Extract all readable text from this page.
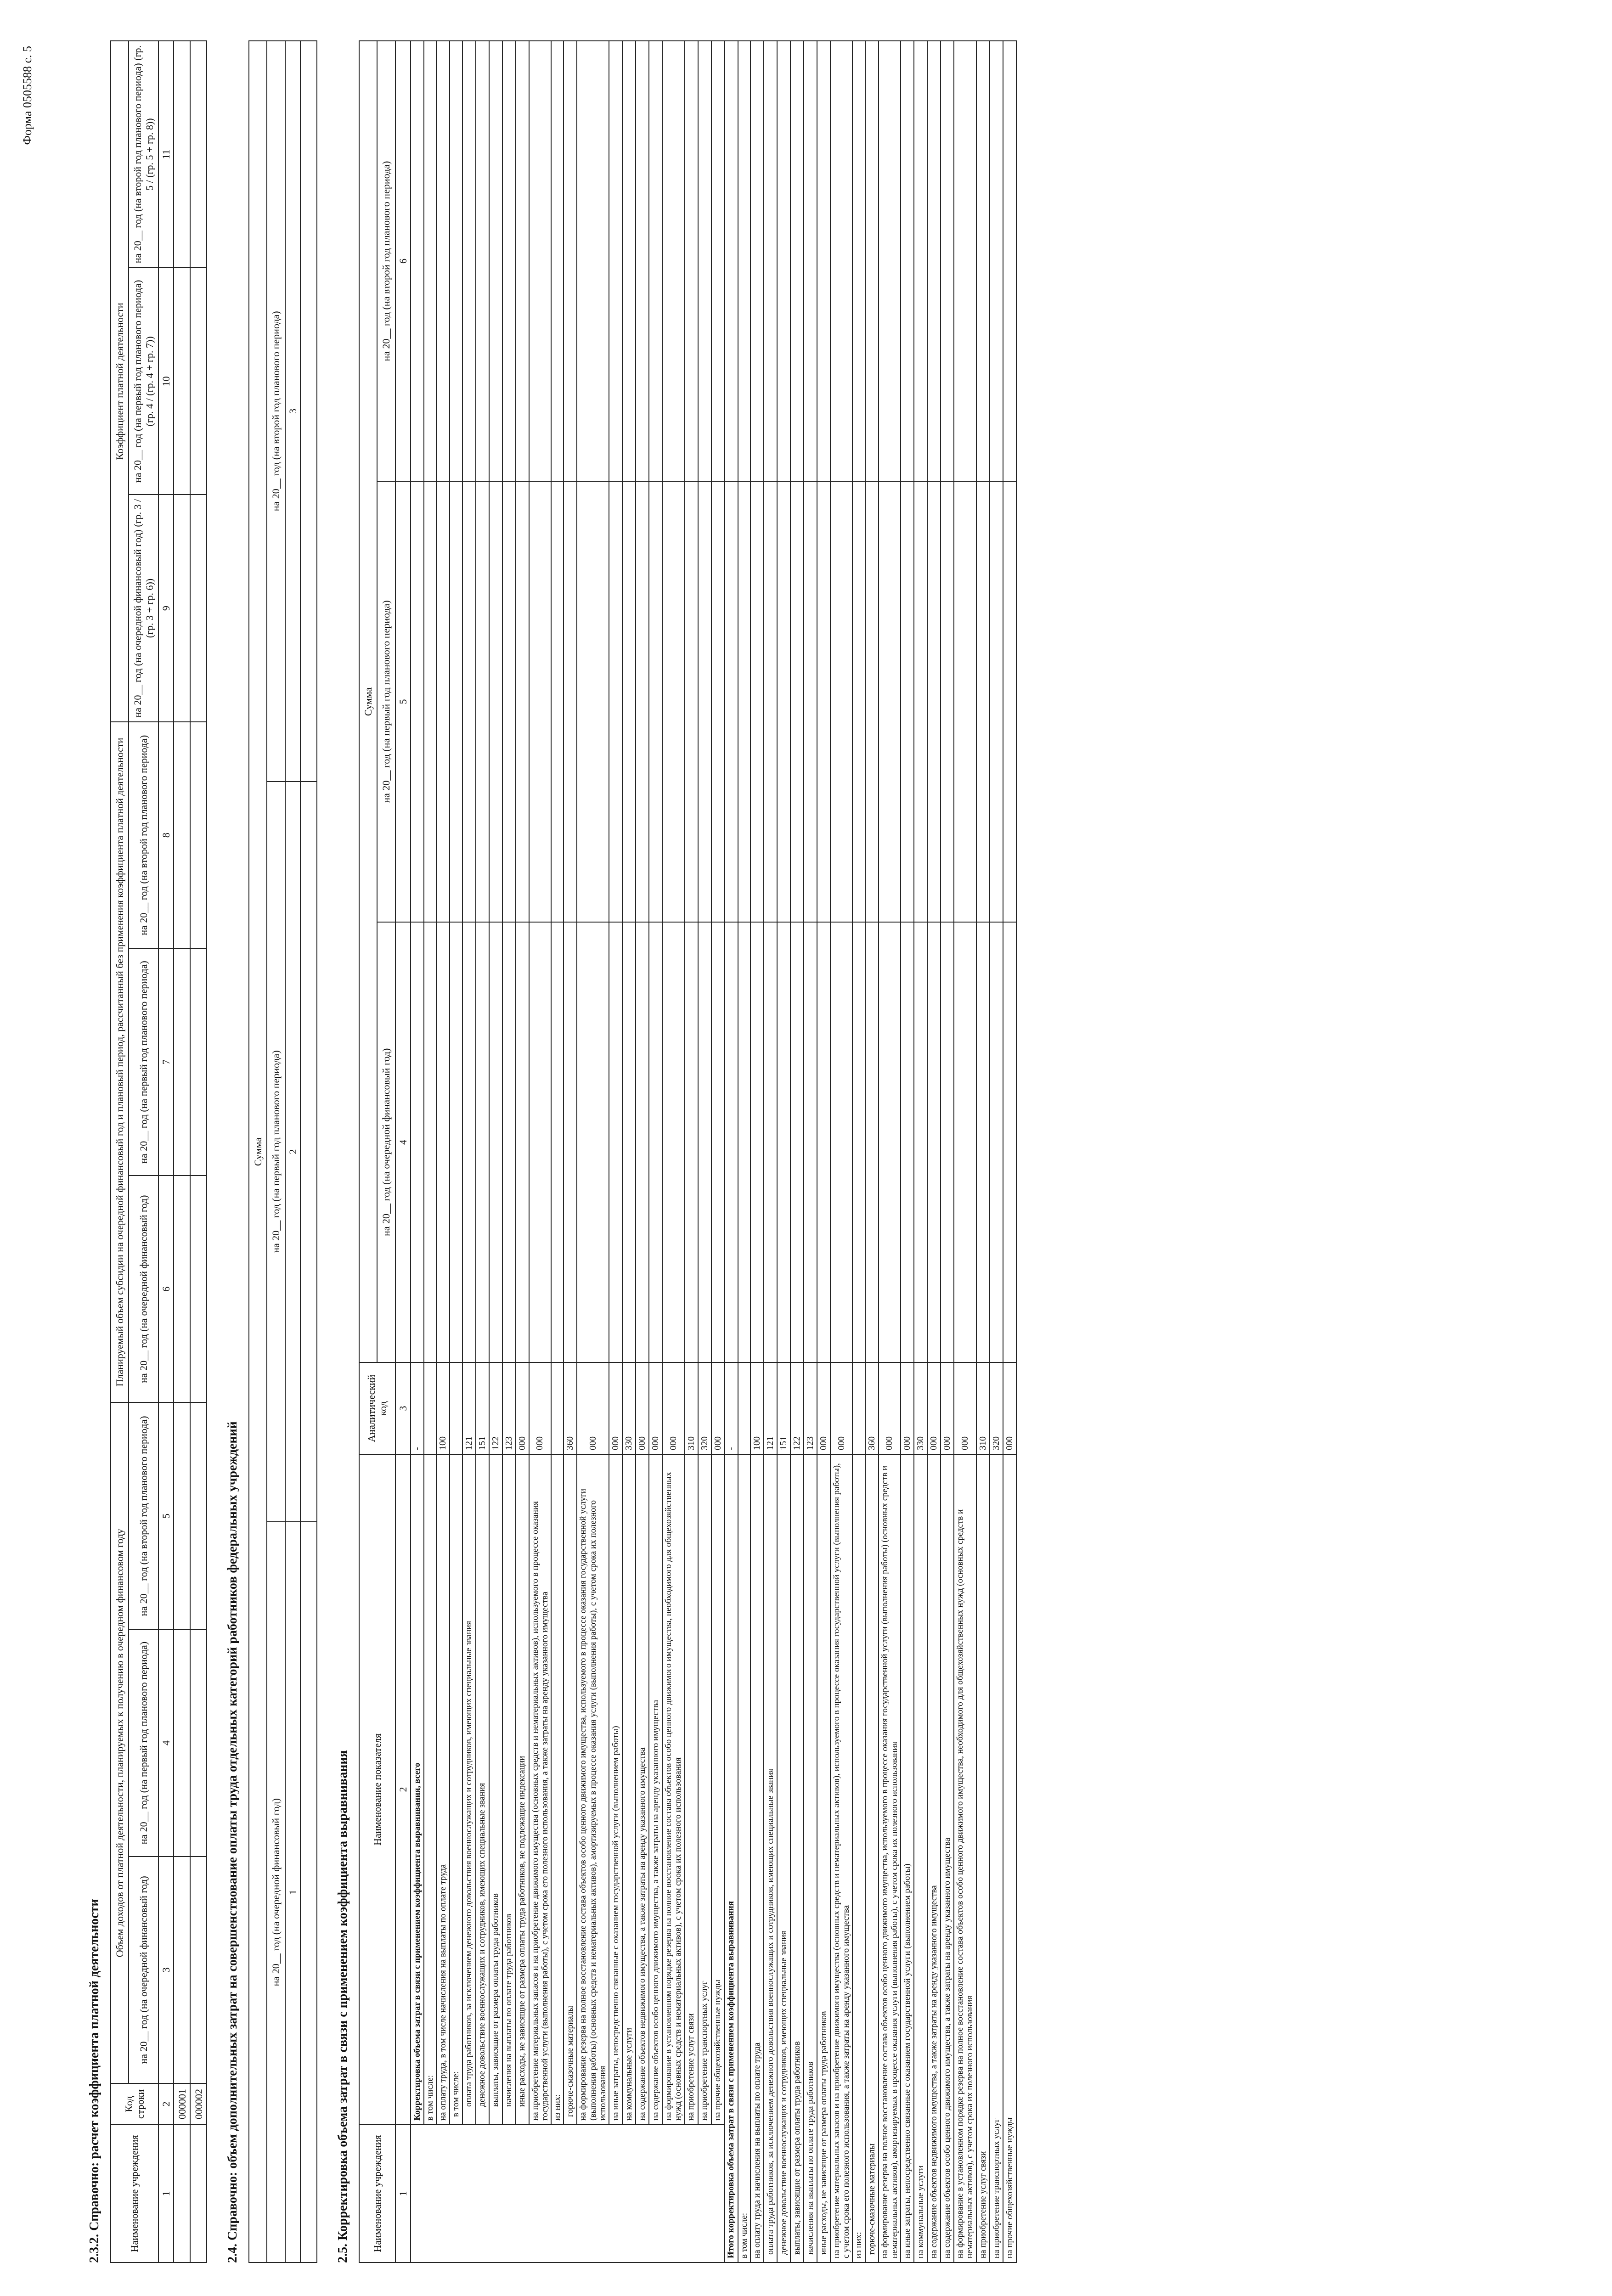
Форма 0505588 с. 5
2.3.2. Справочно: расчет коэффициента платной деятельности	Наименование учреждения	Код строки	Объем доходов от платной деятельности, планируемых к получению в очередном финансовом году			Планируемый объем субсидии на очередной финансовый год и плановый период, рассчитанный без применения коэффициента платной деятельности			Коэффициент платной деятельности		
		на 20__ год (на очередной финансовый год)	на 20__ год (на первый год планового периода)	на 20__ год (на второй год планового периода)	на 20__ год (на очередной финансовый год)	на 20__ год (на первый год планового периода)	на 20__ год (на второй год планового периода)	на 20__ год (на очередной финансовый год) (гр. 3 / (гр. 3 + гр. 6))	на 20__ год (на первый год планового периода) (гр. 4 / (гр. 4 + гр. 7))	на 20__ год (на второй год планового периода) (гр. 5 / (гр. 5 + гр. 8))
1	2	3	4	5	6	7	8	9	10	11
	000001									
	000002									2.4. Справочно: объем дополнительных затрат на совершенствование оплаты труда отдельных категорий работников федеральных учреждений
Сумма		
на 20__ год (на очередной финансовый год)	на 20__ год (на первый год планового периода)	на 20__ год (на второй год планового периода)
1	2	3

2.5. Корректировка объема затрат в связи с применением коэффициента выравнивания Наименование учреждения	Наименование показателя	Аналитический код	Сумма		
			на 20__ год (на очередной финансовый год)	на 20__ год (на первый год планового периода)	на 20__ год (на второй год планового периода)
1	2	3	4	5	6
	Корректировка объема затрат в связи с применением коэффициента выравнивания, всего	-			
	в том числе:				
	на оплату труда, в том числе начисления на выплаты по оплате труда	100			
	в том числе:				
	оплата труда работников, за исключением денежного довольствия военнослужащих и сотрудников, имеющих специальные звания	121			
	денежное довольствие военнослужащих и сотрудников, имеющих специальные звания	151			
	выплаты, зависящие от размера оплаты труда работников	122			
	начисления на выплаты по оплате труда работников	123			
	иные расходы, не зависящие от размера оплаты труда работников, не подлежащие индексации	000			
	на приобретение материальных запасов и на приобретение движимого имущества (основных средств и нематериальных активов), используемого в процессе оказания государственной услуги (выполнения работы), с учетом срока его полезного использования, а также затраты на аренду указанного имущества	000			
	из них:				
	горюче-смазочные материалы	360			
	на формирование резерва на полное восстановление состава объектов особо ценного движимого имущества, используемого в процессе оказания государственной услуги (выполнения работы) (основных средств и нематериальных активов), амортизируемых в процессе оказания услуги (выполнения работы), с учетом срока их полезного использования	000			
	на иные затраты, непосредственно связанные с оказанием государственной услуги (выполнением работы)	000			
	на коммунальные услуги	330			
	на содержание объектов недвижимого имущества, а также затраты на аренду указанного имущества	000			
	на содержание объектов особо ценного движимого имущества, а также затраты на аренду указанного имущества	000			
	на формирование в установленном порядке резерва на полное восстановление состава объектов особо ценного движимого имущества, необходимого для общехозяйственных нужд (основных средств и нематериальных активов), с учетом срока их полезного использования	000			
	на приобретение услуг связи	310			
	на приобретение транспортных услуг	320			
	на прочие общехозяйственные нужды	000			
Итого корректировка объема затрат в связи с применением коэффициента выравнивания		-			
в том числе:					
на оплату труда и начисления на выплаты по оплате труда		100			
оплата труда работников, за исключением денежного довольствия военнослужащих и сотрудников, имеющих специальные звания		121			
денежное довольствие военнослужащих и сотрудников, имеющих специальные звания		151			
выплаты, зависящие от размера оплаты труда работников		122			
начисления на выплаты по оплате труда работников		123			
иные расходы, не зависящие от размера оплаты труда работников		000			
на приобретение материальных запасов и на приобретение движимого имущества (основных средств и нематериальных активов), используемого в процессе оказания государственной услуги (выполнения работы), с учетом срока его полезного использования, а также затраты на аренду указанного имущества		000			
из них:					
горюче-смазочные материалы		360			
на формирование резерва на полное восстановление состава объектов особо ценного движимого имущества, используемого в процессе оказания государственной услуги (выполнения работы) (основных средств и нематериальных активов), амортизируемых в процессе оказания услуги (выполнения работы), с учетом срока их полезного использования		000			
на иные затраты, непосредственно связанные с оказанием государственной услуги (выполнением работы)		000			
на коммунальные услуги		330			
на содержание объектов недвижимого имущества, а также затраты на аренду указанного имущества		000			
на содержание объектов особо ценного движимого имущества, а также затраты на аренду указанного имущества		000			
на формирование в установленном порядке резерва на полное восстановление состава объектов особо ценного движимого имущества, необходимого для общехозяйственных нужд (основных средств и нематериальных активов), с учетом срока их полезного использования		000			
на приобретение услуг связи		310			
на приобретение транспортных услуг		320			
на прочие общехозяйственные нужды		000			
